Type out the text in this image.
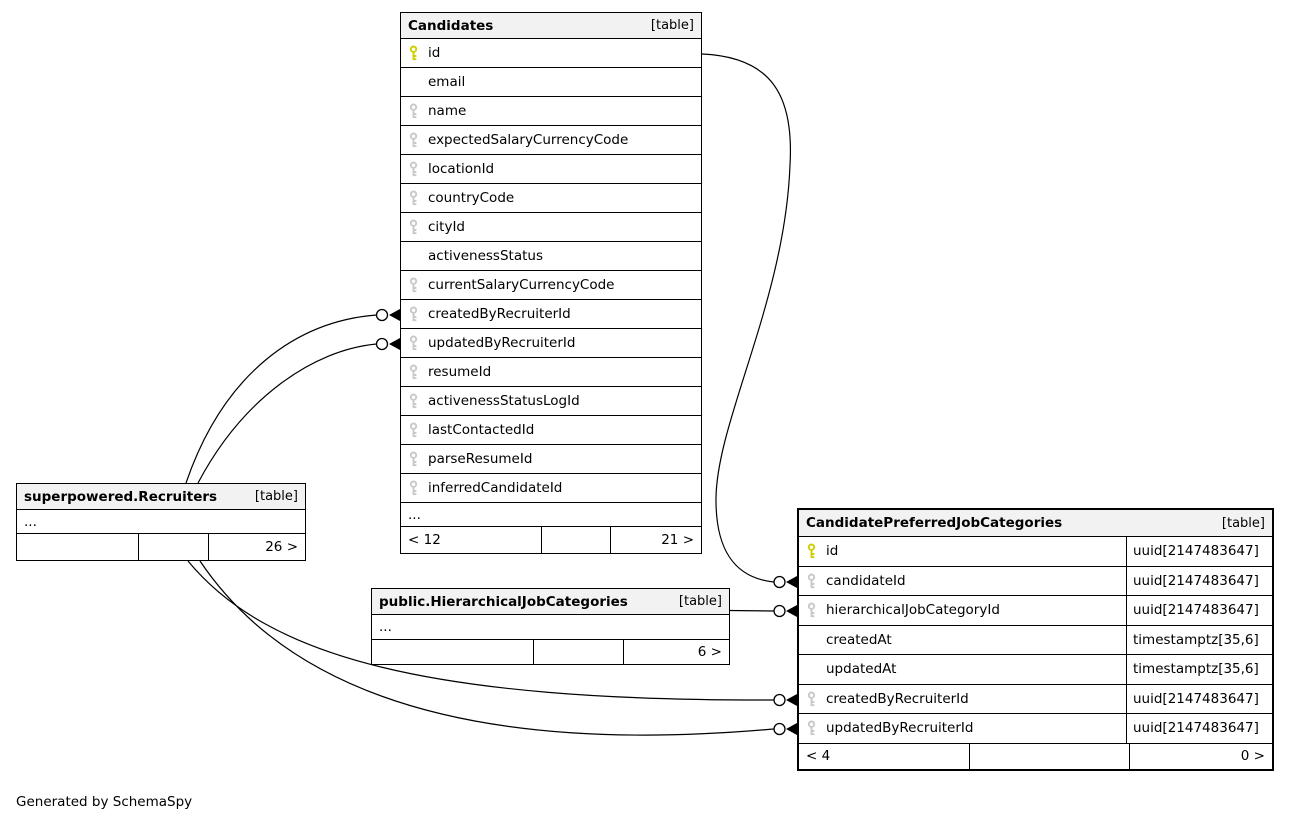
Candidates	[table]
id
email
name
expectedSalaryCurrencyCode
locationId
countryCode
cityId
activenessStatus
currentSalaryCurrencyCode
createdByRecruiterId
updatedByRecruiterId
resumeId
activenessStatusLogId
lastContactedId
parseResumeId
inferredCandidateId
...
< 12	21 >
superpowered.Recruiters	[table]
...
26 >
public.HierarchicalJobCategories	[table]
...
6 >
CandidatePreferredJobCategories	[table]
id	uuid[2147483647]
candidateId	uuid[2147483647]
hierarchicalJobCategoryId	uuid[2147483647]
createdAt	timestamptz[35,6]
updatedAt	timestamptz[35,6]
createdByRecruiterId	uuid[2147483647]
updatedByRecruiterId	uuid[2147483647]
< 4	0 >
Generated by SchemaSpy
